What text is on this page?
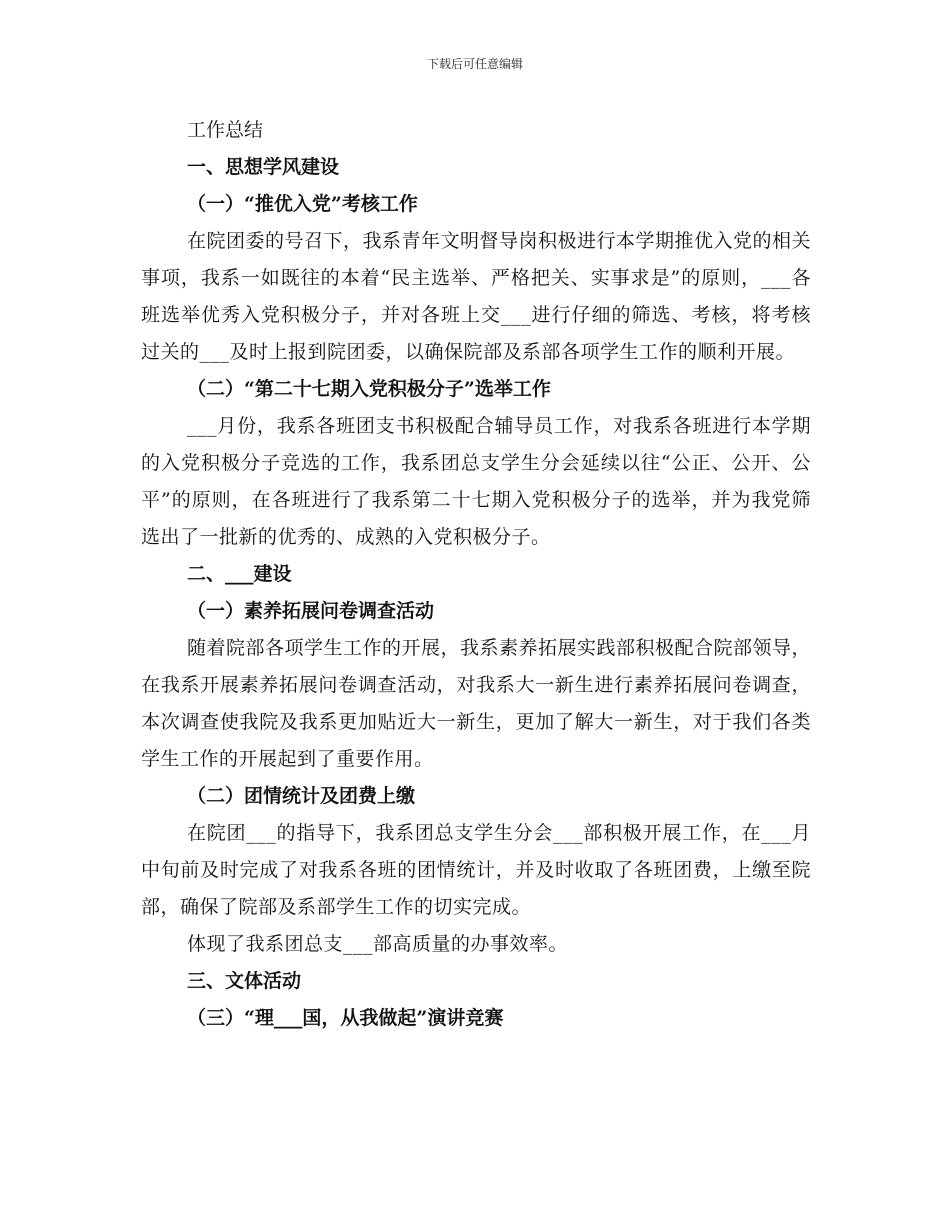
下载后可任意编辑
工作总结
一、思想学风建设
（一）“推优入党”考核工作

在院团委的号召下，我系青年文明督导岗积极进行本学期推优入党的相关事项，我系一如既往的本着“民主选举、严格把关、实事求是”的原则，___各班选举优秀入党积极分子，并对各班上交___进行仔细的筛选、考核，将考核过关的___及时上报到院团委，以确保院部及系部各项学生工作的顺利开展。

（二）“第二十七期入党积极分子”选举工作

___月份，我系各班团支书积极配合辅导员工作，对我系各班进行本学期的入党积极分子竞选的工作，我系团总支学生分会延续以往“公正、公开、公平”的原则，在各班进行了我系第二十七期入党积极分子的选举，并为我党筛选出了一批新的优秀的、成熟的入党积极分子。

二、___建设
（一）素养拓展问卷调查活动

随着院部各项学生工作的开展，我系素养拓展实践部积极配合院部领导，在我系开展素养拓展问卷调查活动，对我系大一新生进行素养拓展问卷调查，本次调查使我院及我系更加贴近大一新生，更加了解大一新生，对于我们各类学生工作的开展起到了重要作用。

（二）团情统计及团费上缴

在院团___的指导下，我系团总支学生分会___部积极开展工作，在___月中旬前及时完成了对我系各班的团情统计，并及时收取了各班团费，上缴至院部，确保了院部及系部学生工作的切实完成。

体现了我系团总支___部高质量的办事效率。

三、文体活动
（三）“理___国，从我做起”演讲竞赛
